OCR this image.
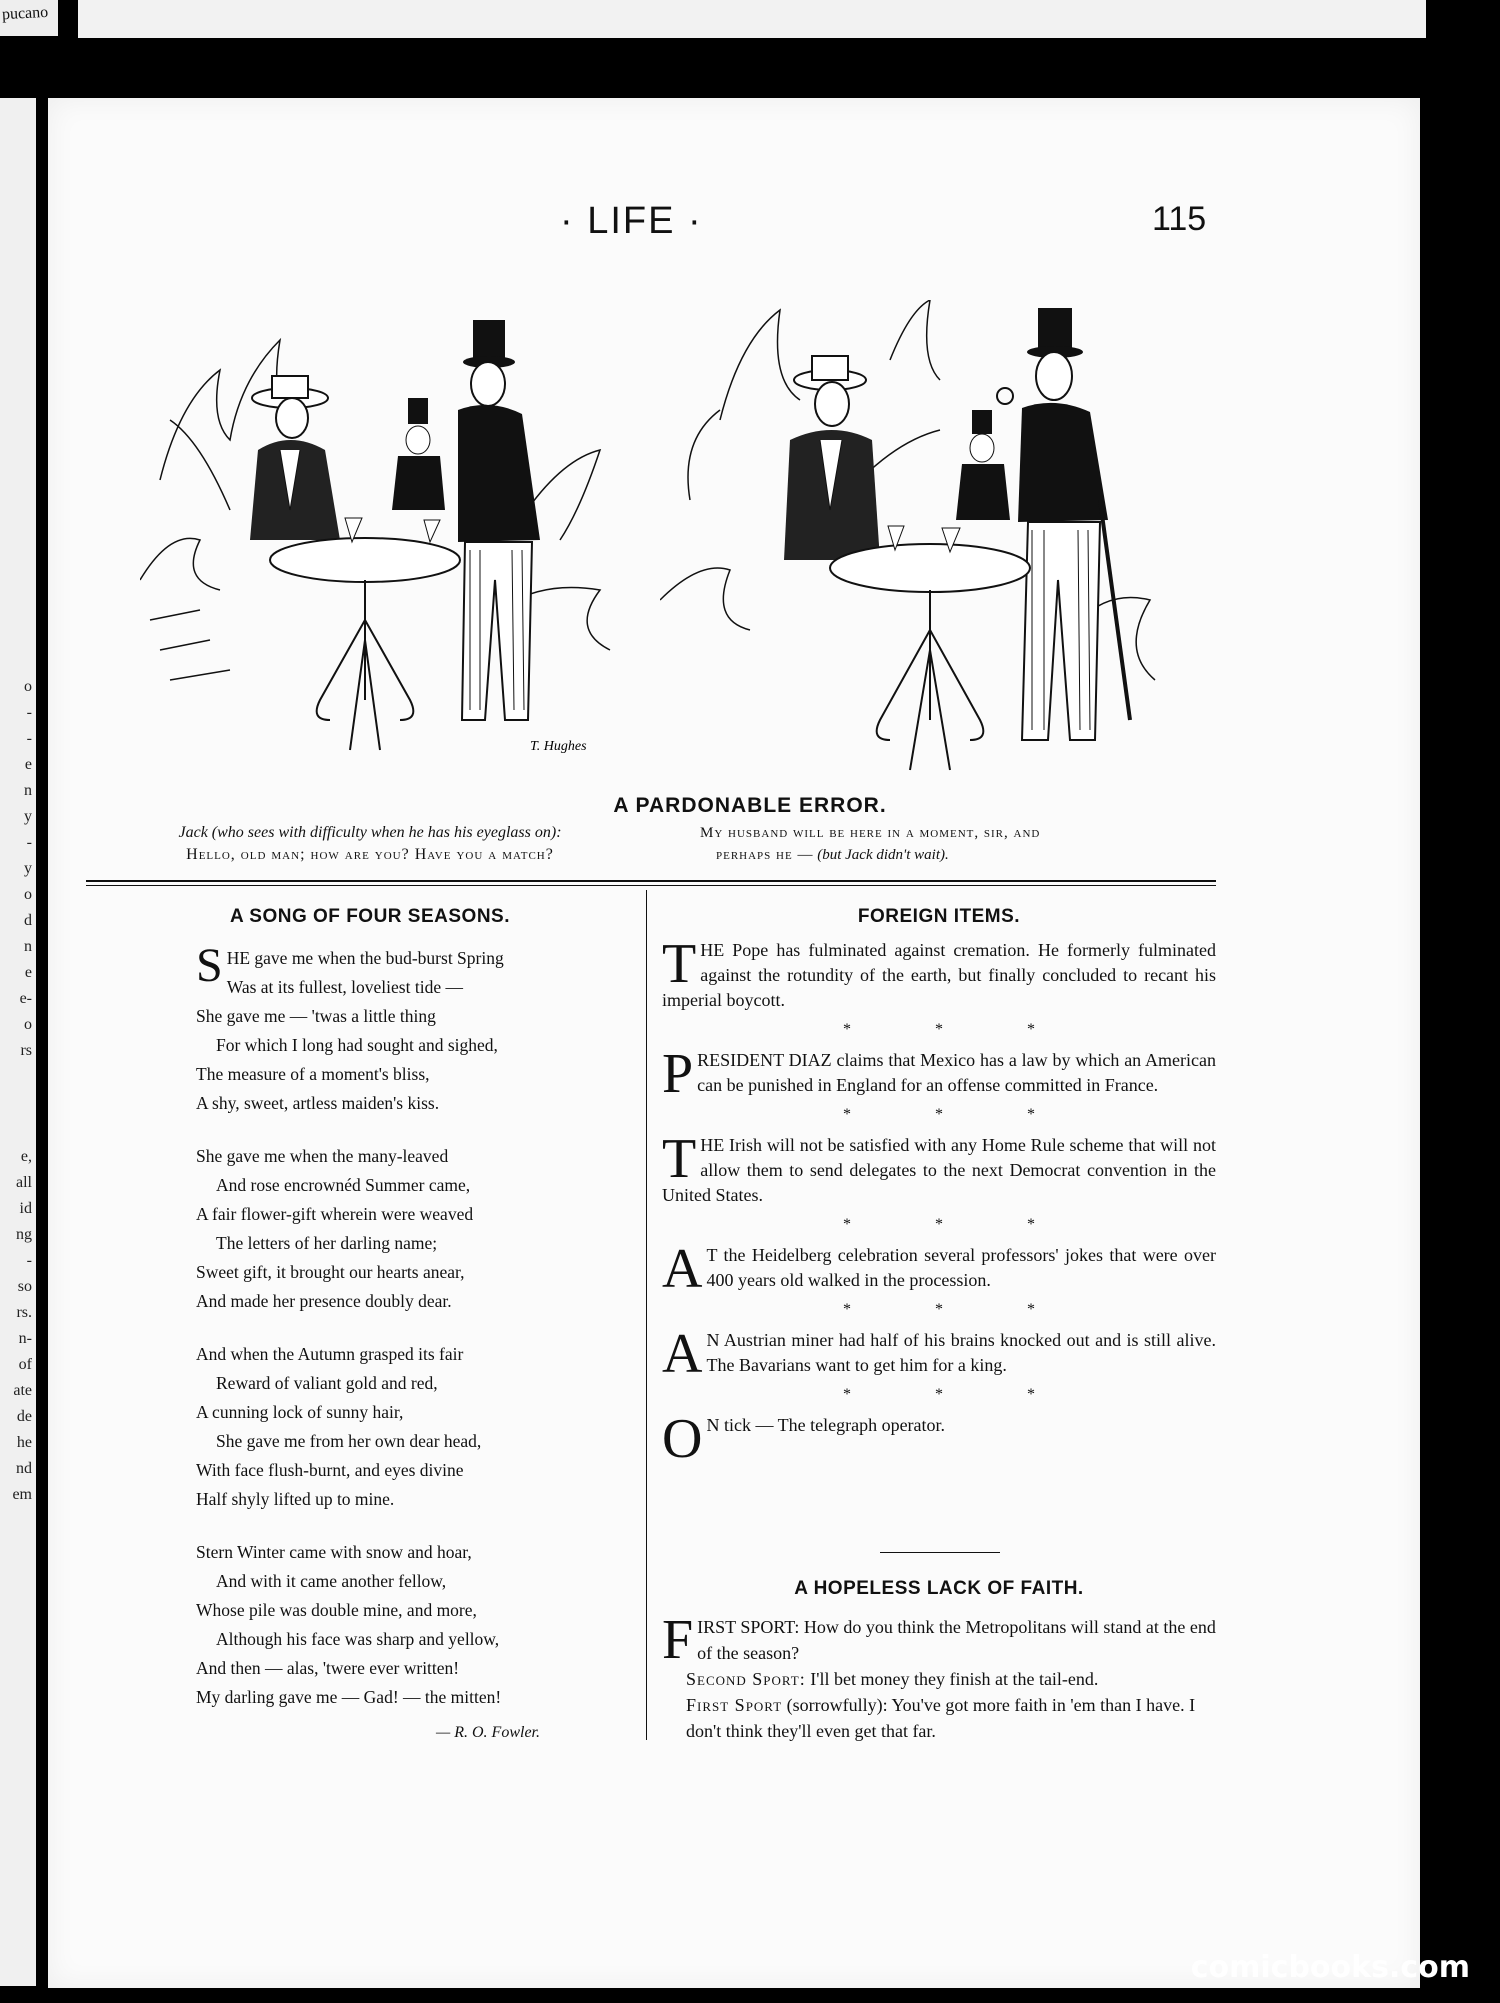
pucano
o
-
-
e
n
y
-
y
o
d
n
e
e-
o
rs
e,
all
id
ng
-
so
rs.
n-
of
ate
de
he
nd
em
· LIFE ·	115
T. Hughes
A PARDONABLE ERROR.
Jack (who sees with difficulty when he has his eyeglass on):
Hello, old man; how are you? Have you a match?
My husband will be here in a moment, sir, and
perhaps he — (but Jack didn't wait).
A SONG OF FOUR SEASONS.
S HE gave me when the bud-burst Spring
Was at its fullest, loveliest tide —
She gave me — 'twas a little thing
For which I long had sought and sighed,
The measure of a moment's bliss,
A shy, sweet, artless maiden's kiss.
She gave me when the many-leaved
And rose encrownéd Summer came,
A fair flower-gift wherein were weaved
The letters of her darling name;
Sweet gift, it brought our hearts anear,
And made her presence doubly dear.
And when the Autumn grasped its fair
Reward of valiant gold and red,
A cunning lock of sunny hair,
She gave me from her own dear head,
With face flush-burnt, and eyes divine
Half shyly lifted up to mine.
Stern Winter came with snow and hoar,
And with it came another fellow,
Whose pile was double mine, and more,
Although his face was sharp and yellow,
And then — alas, 'twere ever written!
My darling gave me — Gad! — the mitten!
— R. O. Fowler.
FOREIGN ITEMS.
THE Pope has fulminated against cremation. He formerly fulminated against the rotundity of the earth, but finally concluded to recant his imperial boycott.
* * *
PRESIDENT DIAZ claims that Mexico has a law by which an American can be punished in England for an offense committed in France.
* * *
THE Irish will not be satisfied with any Home Rule scheme that will not allow them to send delegates to the next Democrat convention in the United States.
* * *
A T the Heidelberg celebration several professors' jokes that were over 400 years old walked in the procession.
* * *
A N Austrian miner had half of his brains knocked out and is still alive. The Bavarians want to get him for a king.
* * *
O N tick — The telegraph operator.
A HOPELESS LACK OF FAITH.
FIRST SPORT: How do you think the Metropolitans will stand at the end of the season?
Second Sport: I'll bet money they finish at the tail-end.
First Sport (sorrowfully): You've got more faith in 'em than I have. I don't think they'll even get that far.
comicbooks.com
